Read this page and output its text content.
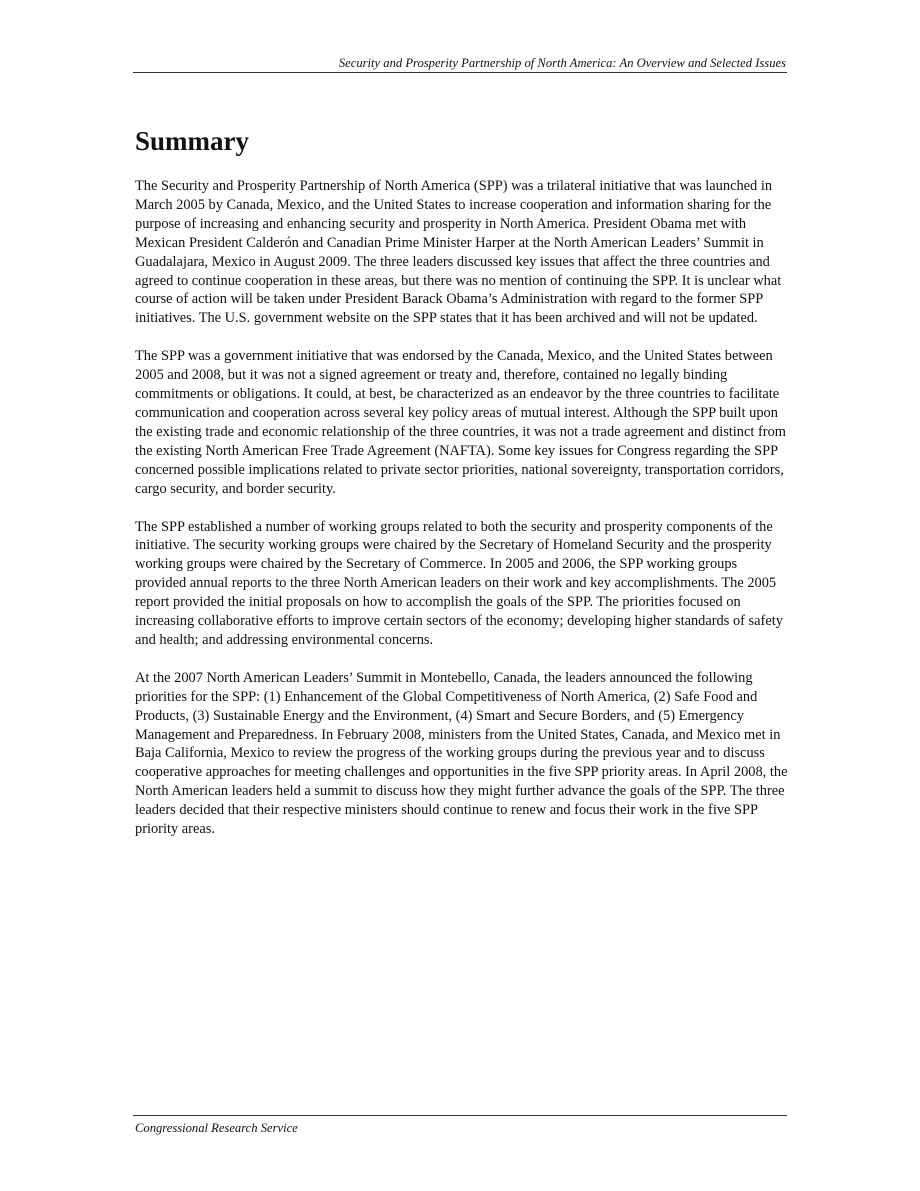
Security and Prosperity Partnership of North America: An Overview and Selected Issues
Summary

The Security and Prosperity Partnership of North America (SPP) was a trilateral initiative that was launched in March 2005 by Canada, Mexico, and the United States to increase cooperation and information sharing for the purpose of increasing and enhancing security and prosperity in North America. President Obama met with Mexican President Calderón and Canadian Prime Minister Harper at the North American Leaders’ Summit in Guadalajara, Mexico in August 2009. The three leaders discussed key issues that affect the three countries and agreed to continue cooperation in these areas, but there was no mention of continuing the SPP. It is unclear what course of action will be taken under President Barack Obama’s Administration with regard to the former SPP initiatives. The U.S. government website on the SPP states that it has been archived and will not be updated.

The SPP was a government initiative that was endorsed by the Canada, Mexico, and the United States between 2005 and 2008, but it was not a signed agreement or treaty and, therefore, contained no legally binding commitments or obligations. It could, at best, be characterized as an endeavor by the three countries to facilitate communication and cooperation across several key policy areas of mutual interest. Although the SPP built upon the existing trade and economic relationship of the three countries, it was not a trade agreement and distinct from the existing North American Free Trade Agreement (NAFTA). Some key issues for Congress regarding the SPP concerned possible implications related to private sector priorities, national sovereignty, transportation corridors, cargo security, and border security.

The SPP established a number of working groups related to both the security and prosperity components of the initiative. The security working groups were chaired by the Secretary of Homeland Security and the prosperity working groups were chaired by the Secretary of Commerce. In 2005 and 2006, the SPP working groups provided annual reports to the three North American leaders on their work and key accomplishments. The 2005 report provided the initial proposals on how to accomplish the goals of the SPP. The priorities focused on increasing collaborative efforts to improve certain sectors of the economy; developing higher standards of safety and health; and addressing environmental concerns.

At the 2007 North American Leaders’ Summit in Montebello, Canada, the leaders announced the following priorities for the SPP: (1) Enhancement of the Global Competitiveness of North America, (2) Safe Food and Products, (3) Sustainable Energy and the Environment, (4) Smart and Secure Borders, and (5) Emergency Management and Preparedness. In February 2008, ministers from the United States, Canada, and Mexico met in Baja California, Mexico to review the progress of the working groups during the previous year and to discuss cooperative approaches for meeting challenges and opportunities in the five SPP priority areas. In April 2008, the North American leaders held a summit to discuss how they might further advance the goals of the SPP. The three leaders decided that their respective ministers should continue to renew and focus their work in the five SPP priority areas.

Congressional Research Service
